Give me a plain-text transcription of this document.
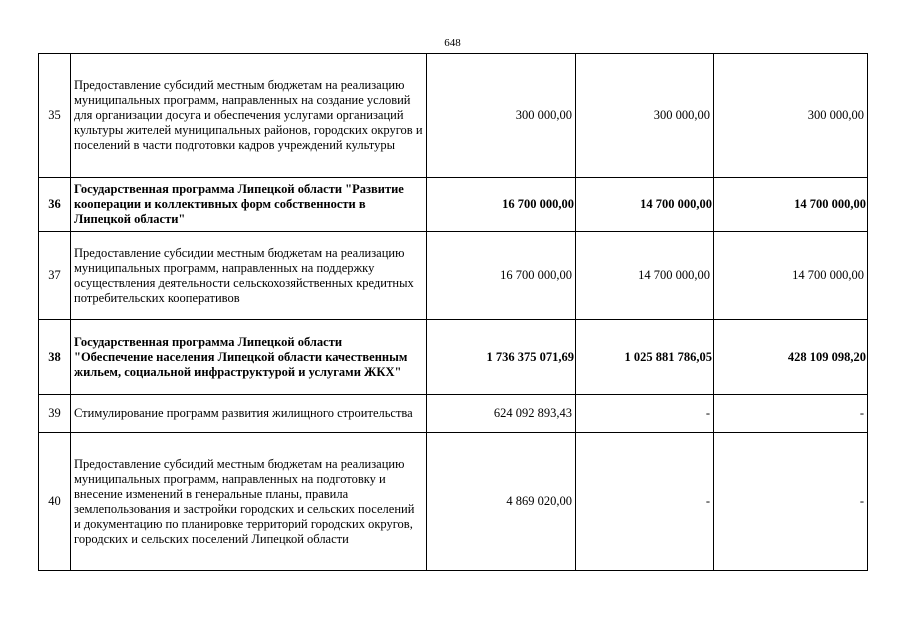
648
35	Предоставление субсидий местным бюджетам на реализацию муниципальных программ, направленных на создание условий для организации досуга и обеспечения услугами организаций культуры жителей муниципальных районов, городских округов и поселений в части подготовки кадров учреждений культуры	300 000,00	300 000,00	300 000,00
36	Государственная программа Липецкой области "Развитие кооперации и коллективных форм собственности в Липецкой области"	16 700 000,00	14 700 000,00	14 700 000,00
37	Предоставление субсидии местным бюджетам на реализацию муниципальных программ, направленных на поддержку осуществления деятельности сельскохозяйственных кредитных потребительских кооперативов	16 700 000,00	14 700 000,00	14 700 000,00
38	Государственная программа Липецкой области "Обеспечение населения Липецкой области качественным жильем, социальной инфраструктурой и услугами ЖКХ"	1 736 375 071,69	1 025 881 786,05	428 109 098,20
39	Стимулирование программ развития жилищного строительства	624 092 893,43	-	-
40	Предоставление субсидий местным бюджетам на реализацию муниципальных программ, направленных на подготовку и внесение изменений в генеральные планы, правила землепользования и застройки городских и сельских поселений и документацию по планировке территорий городских округов, городских и сельских поселений Липецкой области	4 869 020,00	-	-
